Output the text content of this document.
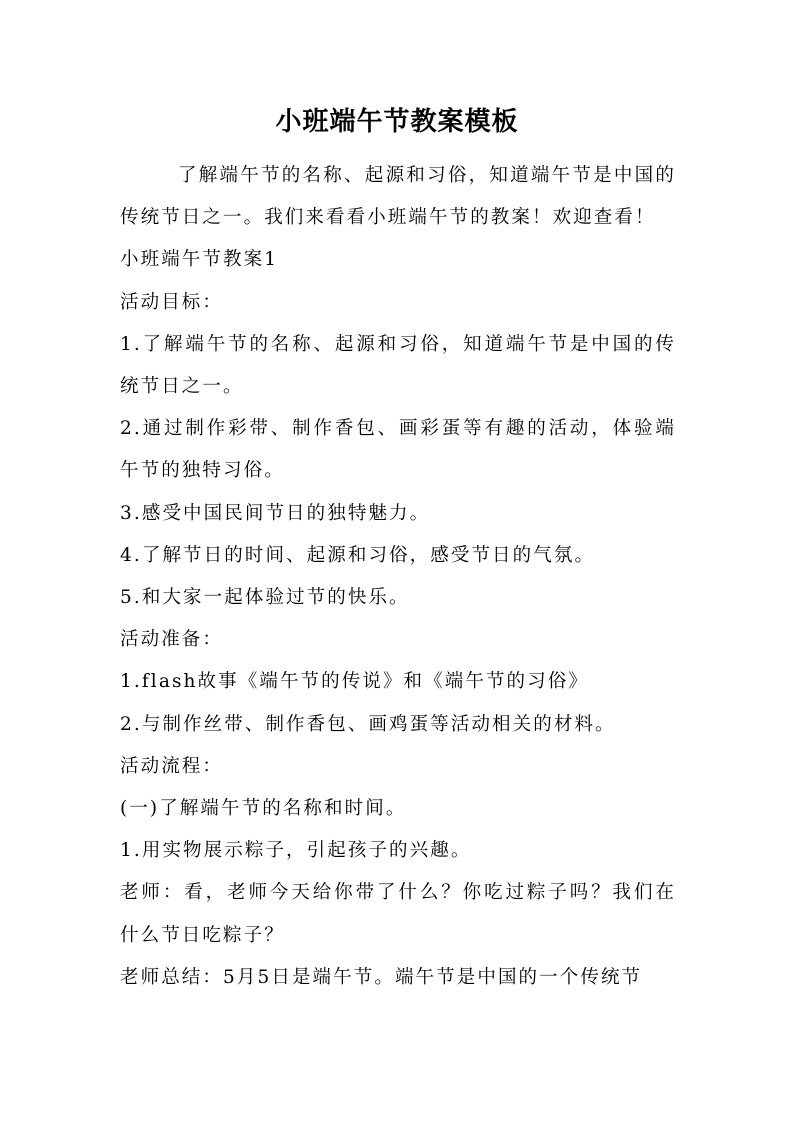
小班端午节教案模板

了解端午节的名称、起源和习俗，知道端午节是中国的传统节日之一。我们来看看小班端午节的教案！欢迎查看！

小班端午节教案1

活动目标：

1.了解端午节的名称、起源和习俗，知道端午节是中国的传统节日之一。

2.通过制作彩带、制作香包、画彩蛋等有趣的活动，体验端午节的独特习俗。

3.感受中国民间节日的独特魅力。

4.了解节日的时间、起源和习俗，感受节日的气氛。

5.和大家一起体验过节的快乐。

活动准备：

1.flash故事《端午节的传说》和《端午节的习俗》

2.与制作丝带、制作香包、画鸡蛋等活动相关的材料。

活动流程：

(一)了解端午节的名称和时间。

1.用实物展示粽子，引起孩子的兴趣。

老师：看，老师今天给你带了什么？你吃过粽子吗？我们在什么节日吃粽子？

老师总结：5月5日是端午节。端午节是中国的一个传统节
